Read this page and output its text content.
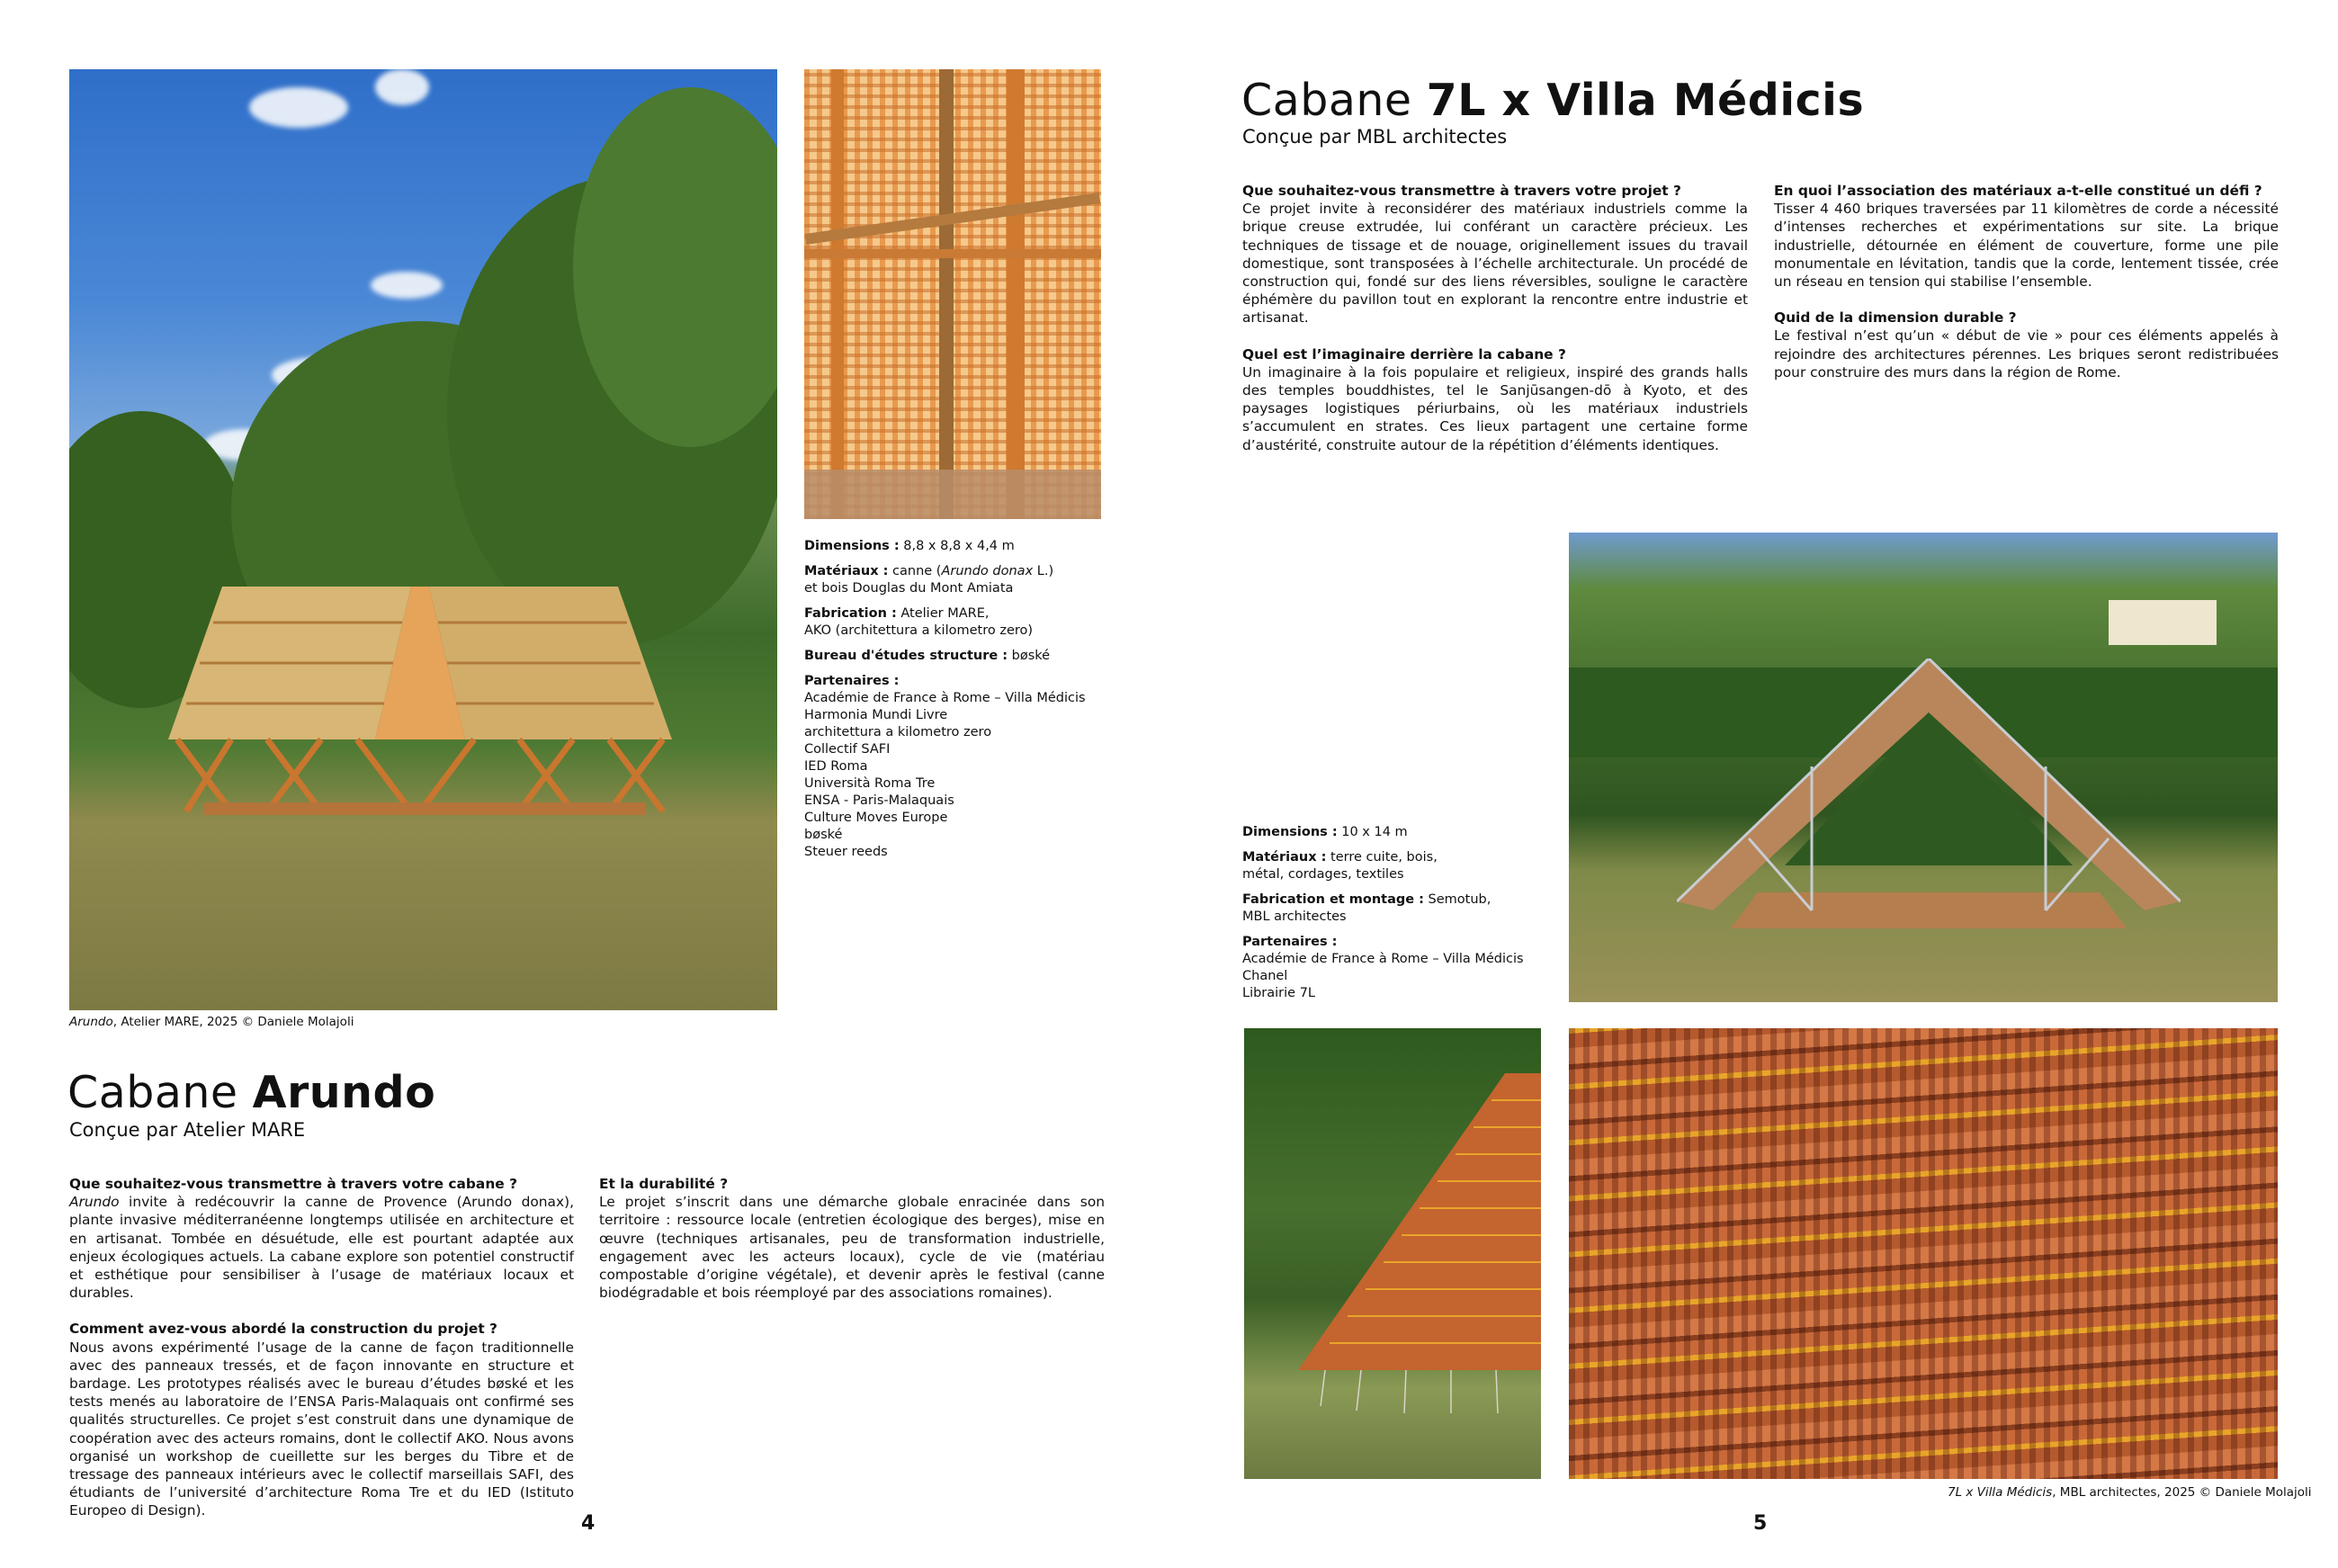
Arundo, Atelier MARE, 2025 © Daniele Molajoli
Dimensions : 8,8 x 8,8 x 4,4 m
Matériaux : canne (Arundo donax L.)
et bois Douglas du Mont Amiata
Fabrication : Atelier MARE,
AKO (architettura a kilometro zero)
Bureau d'études structure : bøské
Partenaires :
Académie de France à Rome – Villa Médicis
Harmonia Mundi Livre
architettura a kilometro zero
Collectif SAFI
IED Roma
Università Roma Tre
ENSA - Paris-Malaquais
Culture Moves Europe
bøské
Steuer reeds
Cabane Arundo
Conçue par Atelier MARE
Que souhaitez-vous transmettre à travers votre cabane ?
Arundo invite à redécouvrir la canne de Provence (Arundo donax), plante invasive méditerranéenne longtemps utilisée en architecture et en artisanat. Tombée en désuétude, elle est pourtant adaptée aux enjeux écologiques actuels. La cabane explore son potentiel constructif et esthétique pour sensibiliser à l’usage de matériaux locaux et durables.
Comment avez-vous abordé la construction du projet ?
Nous avons expérimenté l’usage de la canne de façon traditionnelle avec des panneaux tressés, et de façon innovante en structure et bardage. Les prototypes réalisés avec le bureau d’études bøské et les tests menés au laboratoire de l’ENSA Paris-Malaquais ont confirmé ses qualités structurelles. Ce projet s’est construit dans une dynamique de coopération avec des acteurs romains, dont le collectif AKO. Nous avons organisé un workshop de cueillette sur les berges du Tibre et de tressage des panneaux intérieurs avec le collectif marseillais SAFI, des étudiants de l’université d’architecture Roma Tre et du IED (Istituto Europeo di Design).
Et la durabilité ?
Le projet s’inscrit dans une démarche globale enracinée dans son territoire : ressource locale (entretien écologique des berges), mise en œuvre (techniques artisanales, peu de transformation industrielle, engagement avec les acteurs locaux), cycle de vie (matériau compostable d’origine végétale), et devenir après le festival (canne biodégradable et bois réemployé par des associations romaines).
4
Cabane 7L x Villa Médicis
Conçue par MBL architectes
Que souhaitez-vous transmettre à travers votre projet ?
Ce projet invite à reconsidérer des matériaux industriels comme la brique creuse extrudée, lui conférant un caractère précieux. Les techniques de tissage et de nouage, originellement issues du travail domestique, sont transposées à l’échelle architecturale. Un procédé de construction qui, fondé sur des liens réversibles, souligne le caractère éphémère du pavillon tout en explorant la rencontre entre industrie et artisanat.
Quel est l’imaginaire derrière la cabane ?
Un imaginaire à la fois populaire et religieux, inspiré des grands halls des temples bouddhistes, tel le Sanjūsangen-dō à Kyoto, et des paysages logistiques périurbains, où les matériaux industriels s’accumulent en strates. Ces lieux partagent une certaine forme d’austérité, construite autour de la répétition d’éléments identiques.
En quoi l’association des matériaux a-t-elle constitué un défi ?
Tisser 4 460 briques traversées par 11 kilomètres de corde a nécessité d’intenses recherches et expérimentations sur site. La brique industrielle, détournée en élément de couverture, forme une pile monumentale en lévitation, tandis que la corde, lentement tissée, crée un réseau en tension qui stabilise l’ensemble.
Quid de la dimension durable ?
Le festival n’est qu’un « début de vie » pour ces éléments appelés à rejoindre des architectures pérennes. Les briques seront redistribuées pour construire des murs dans la région de Rome.
Dimensions : 10 x 14 m
Matériaux : terre cuite, bois,
métal, cordages, textiles
Fabrication et montage : Semotub,
MBL architectes
Partenaires :
Académie de France à Rome – Villa Médicis
Chanel
Librairie 7L
7L x Villa Médicis, MBL architectes, 2025 © Daniele Molajoli
5
